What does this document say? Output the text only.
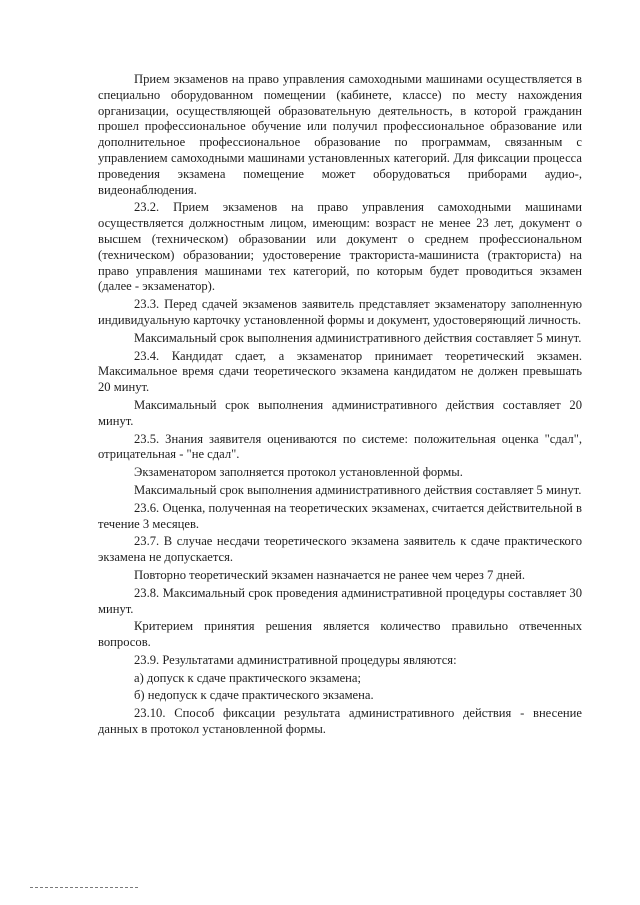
Прием экзаменов на право управления самоходными машинами осуществляется в специально оборудованном помещении (кабинете, классе) по месту нахождения организации, осуществляющей образовательную деятельность, в которой гражданин прошел профессиональное обучение или получил профессиональное образование или дополнительное профессиональное образование по программам, связанным с управлением самоходными машинами установленных категорий. Для фиксации процесса проведения экзамена помещение может оборудоваться приборами аудио-, видеонаблюдения.

23.2. Прием экзаменов на право управления самоходными машинами осуществляется должностным лицом, имеющим: возраст не менее 23 лет, документ о высшем (техническом) образовании или документ о среднем профессиональном (техническом) образовании; удостоверение тракториста-машиниста (тракториста) на право управления машинами тех категорий, по которым будет проводиться экзамен (далее - экзаменатор).

23.3. Перед сдачей экзаменов заявитель представляет экзаменатору заполненную индивидуальную карточку установленной формы и документ, удостоверяющий личность.

Максимальный срок выполнения административного действия составляет 5 минут.

23.4. Кандидат сдает, а экзаменатор принимает теоретический экзамен. Максимальное время сдачи теоретического экзамена кандидатом не должен превышать 20 минут.

Максимальный срок выполнения административного действия составляет 20 минут.

23.5. Знания заявителя оцениваются по системе: положительная оценка "сдал", отрицательная - "не сдал".

Экзаменатором заполняется протокол установленной формы.

Максимальный срок выполнения административного действия составляет 5 минут.

23.6. Оценка, полученная на теоретических экзаменах, считается действительной в течение 3 месяцев.

23.7. В случае несдачи теоретического экзамена заявитель к сдаче практического экзамена не допускается.

Повторно теоретический экзамен назначается не ранее чем через 7 дней.

23.8. Максимальный срок проведения административной процедуры составляет 30 минут.

Критерием принятия решения является количество правильно отвеченных вопросов.

23.9. Результатами административной процедуры являются:

а) допуск к сдаче практического экзамена;

б) недопуск к сдаче практического экзамена.

23.10. Способ фиксации результата административного действия - внесение данных в протокол установленной формы.
